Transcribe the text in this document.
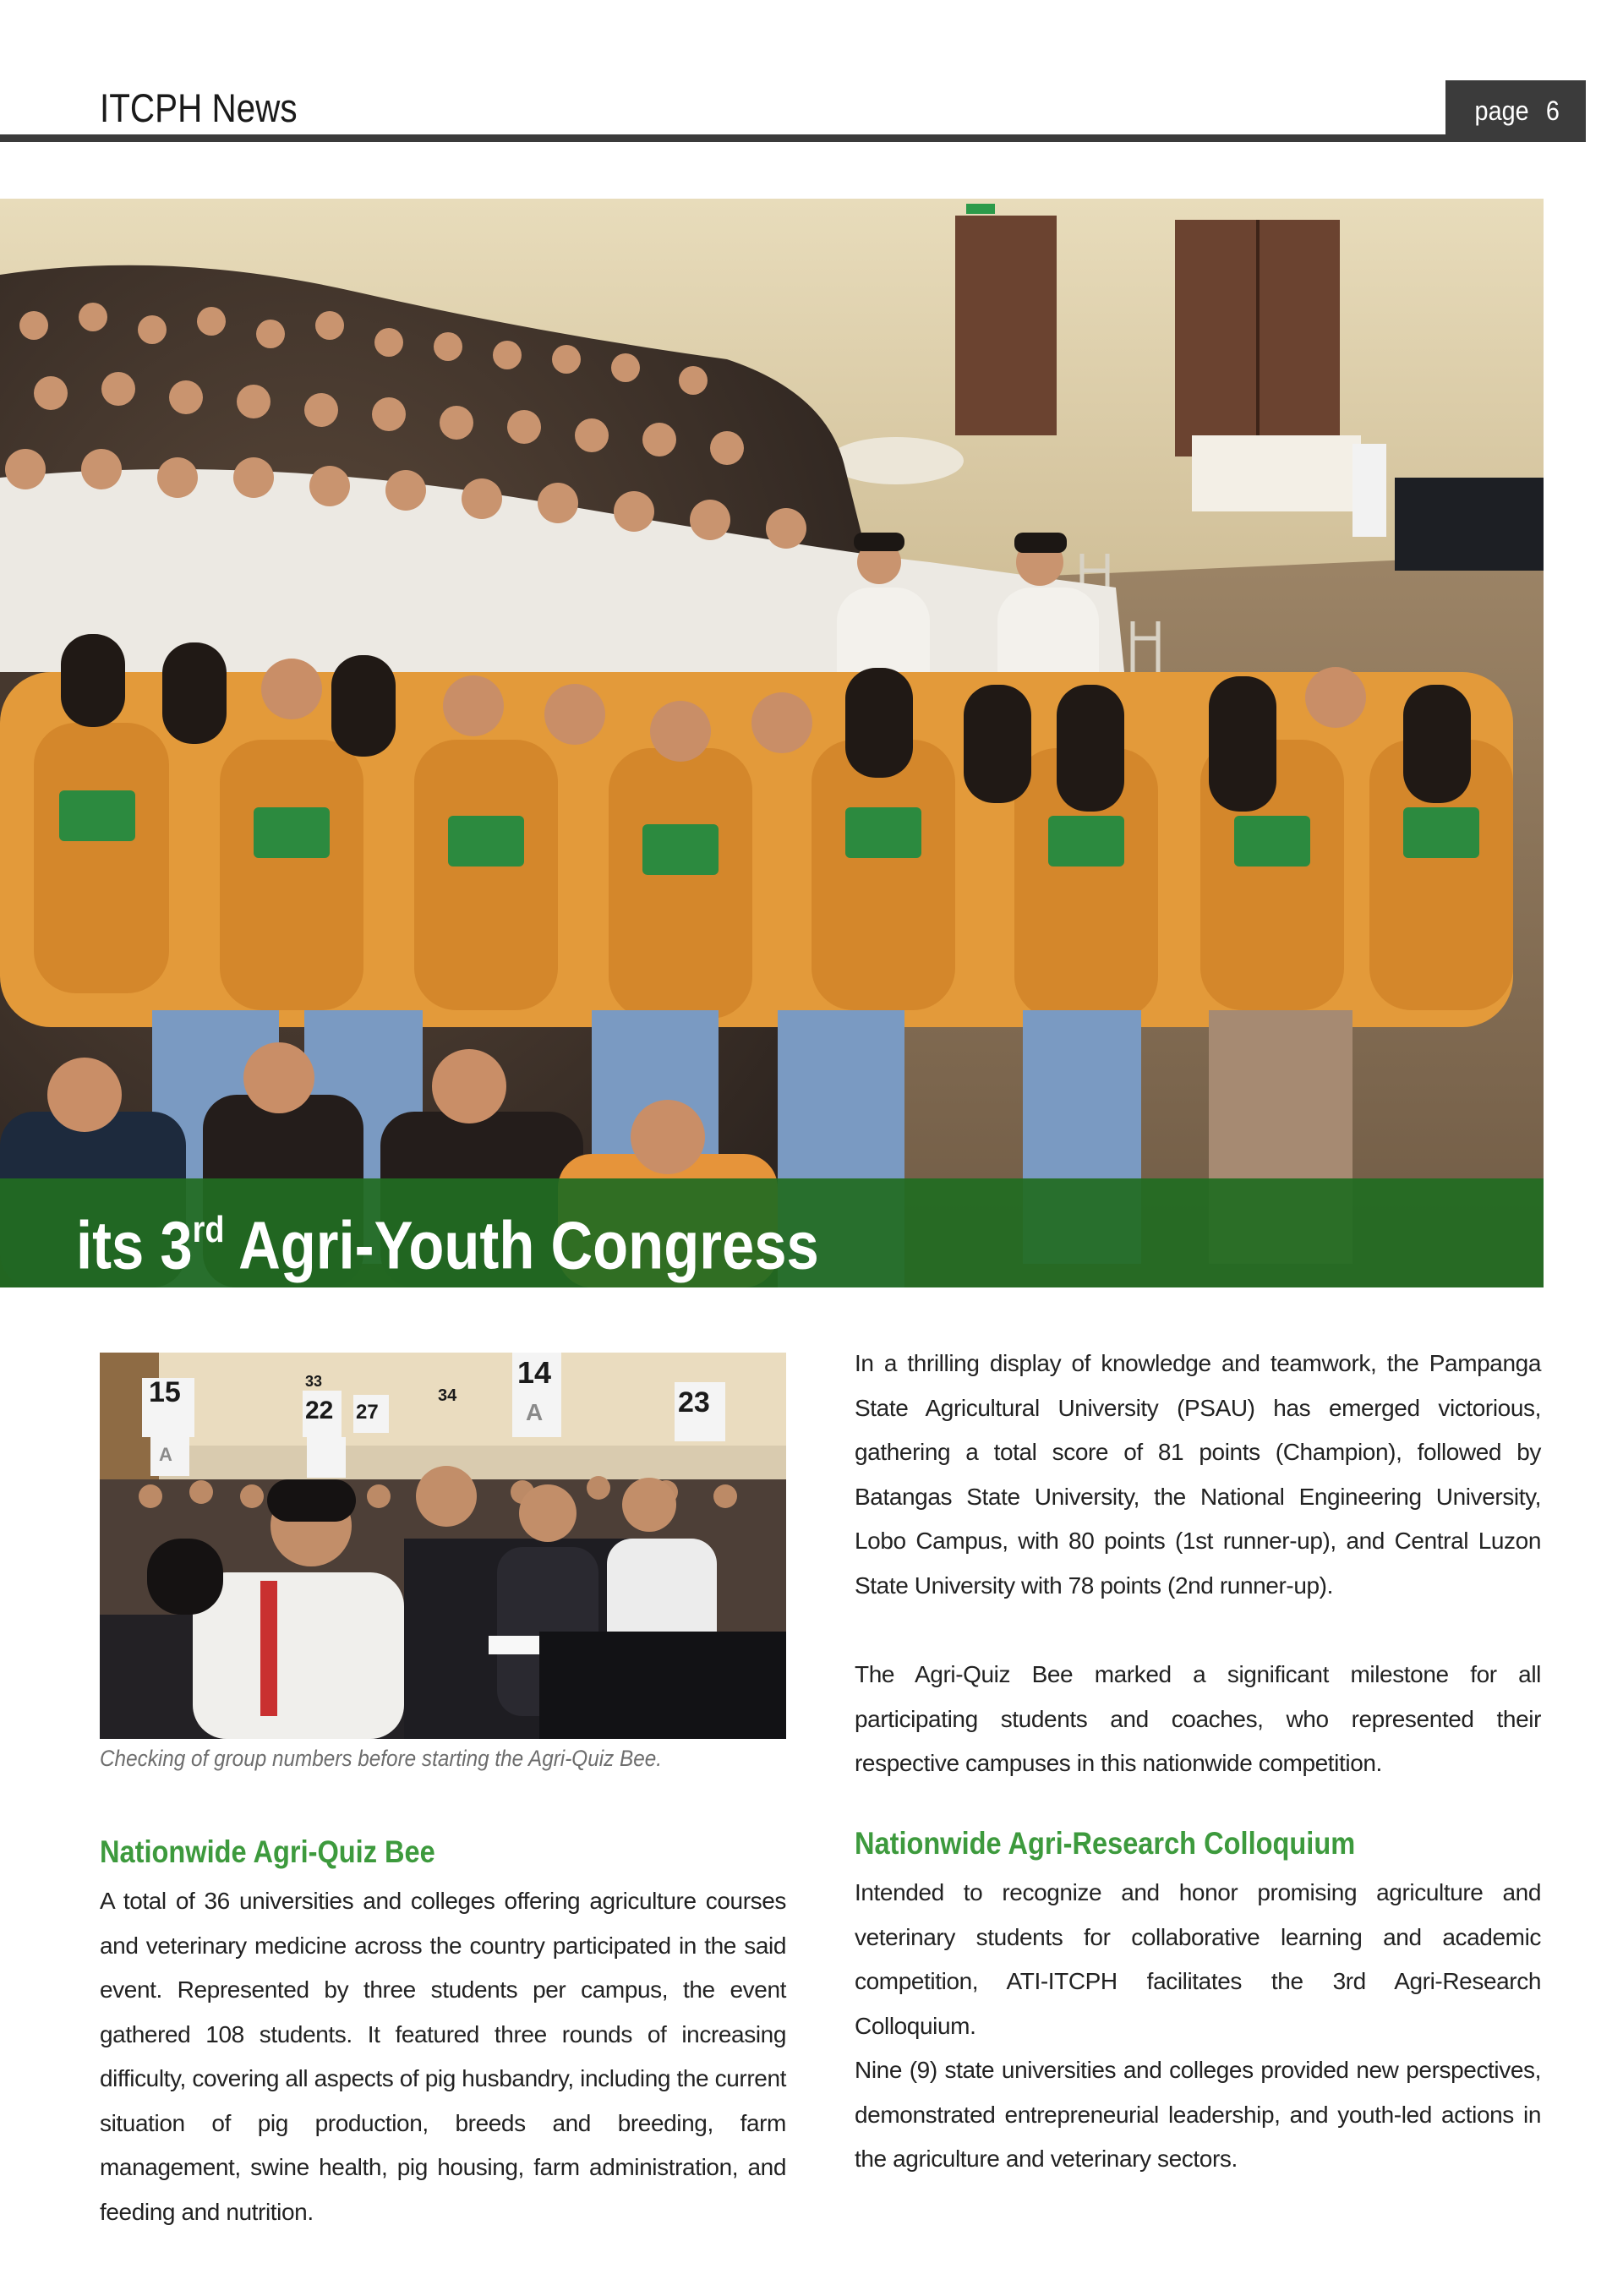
ITCPH News	page 6
its 3rd Agri-Youth Congress
15	33
22 27
34
14
23
A
A
Checking of group numbers before starting the Agri-Quiz Bee.

In a thrilling display of knowledge and teamwork, the Pampanga State Agricultural University (PSAU) has emerged victorious, gathering a total score of 81 points (Champion), followed by Batangas State University, the National Engineering University, Lobo Campus, with 80 points (1st runner-up), and Central Luzon State University with 78 points (2nd runner-up).

The Agri-Quiz Bee marked a significant milestone for all participating students and coaches, who represented their respective campuses in this nationwide competition.

Nationwide Agri-Research Colloquium

Intended to recognize and honor promising agriculture and veterinary students for collaborative learning and academic competition, ATI-ITCPH facilitates the 3rd Agri-Research Colloquium.

Nine (9) state universities and colleges provided new perspectives, demonstrated entrepreneurial leadership, and youth-led actions in the agriculture and veterinary sectors.

Nationwide Agri-Quiz Bee

A total of 36 universities and colleges offering agriculture courses and veterinary medicine across the country participated in the said event. Represented by three students per campus, the event gathered 108 students. It featured three rounds of increasing difficulty, covering all aspects of pig husbandry, including the current situation of pig production, breeds and breeding, farm management, swine health, pig housing, farm administration, and feeding and nutrition.
